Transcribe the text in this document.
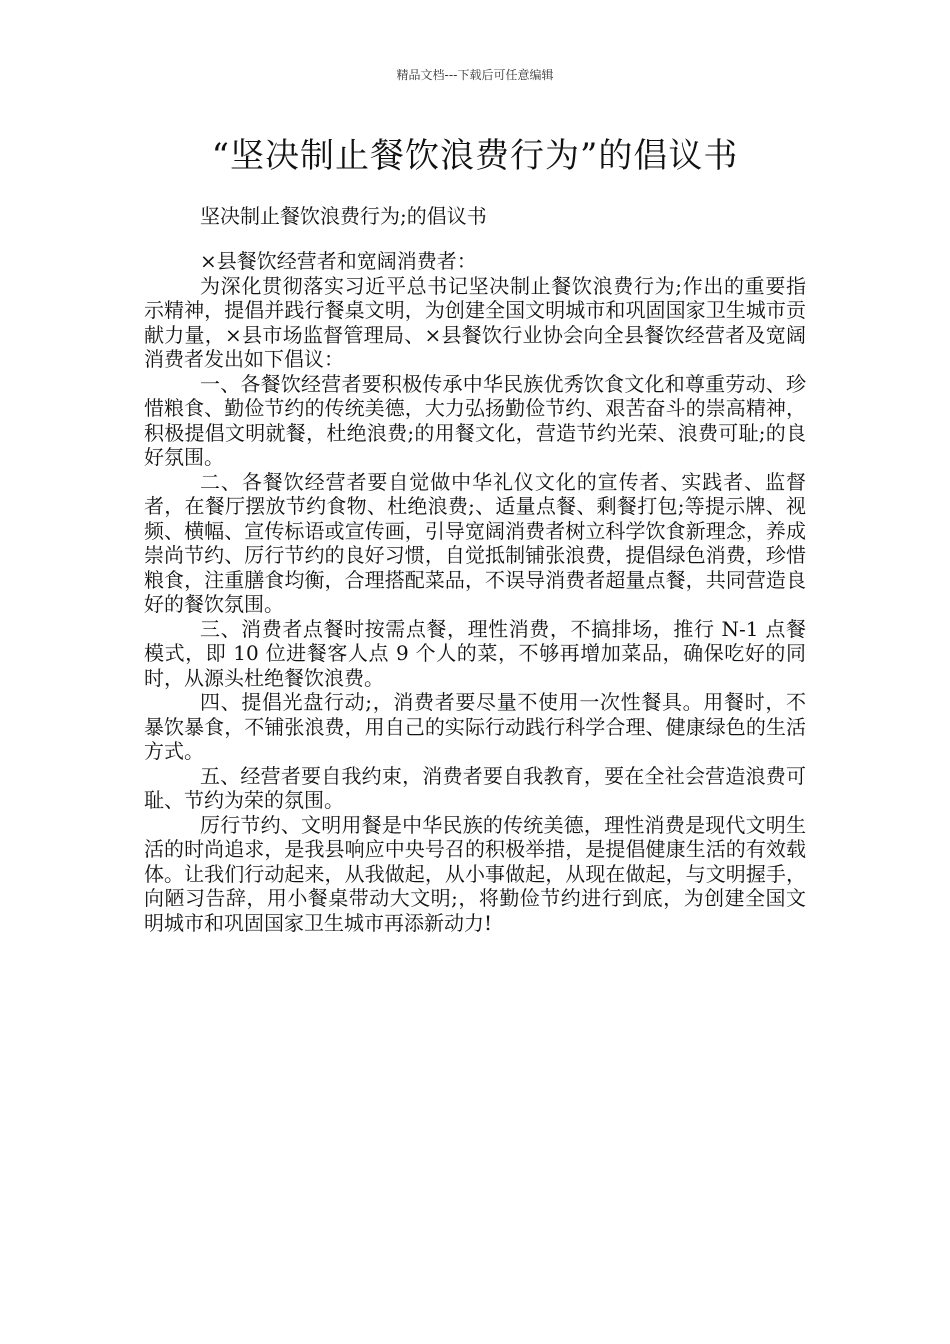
精品文档---下载后可任意编辑
“坚决制止餐饮浪费行为”的倡议书

坚决制止餐饮浪费行为;的倡议书

×县餐饮经营者和宽阔消费者：

为深化贯彻落实习近平总书记坚决制止餐饮浪费行为;作出的重要指示精神，提倡并践行餐桌文明，为创建全国文明城市和巩固国家卫生城市贡献力量，×县市场监督管理局、×县餐饮行业协会向全县餐饮经营者及宽阔消费者发出如下倡议：

一、各餐饮经营者要积极传承中华民族优秀饮食文化和尊重劳动、珍惜粮食、勤俭节约的传统美德，大力弘扬勤俭节约、艰苦奋斗的崇高精神，积极提倡文明就餐，杜绝浪费;的用餐文化，营造节约光荣、浪费可耻;的良好氛围。

二、各餐饮经营者要自觉做中华礼仪文化的宣传者、实践者、监督者，在餐厅摆放节约食物、杜绝浪费;、适量点餐、剩餐打包;等提示牌、视频、横幅、宣传标语或宣传画，引导宽阔消费者树立科学饮食新理念，养成崇尚节约、厉行节约的良好习惯，自觉抵制铺张浪费，提倡绿色消费，珍惜粮食，注重膳食均衡，合理搭配菜品，不误导消费者超量点餐，共同营造良好的餐饮氛围。

三、消费者点餐时按需点餐，理性消费，不搞排场，推行 N-1 点餐模式，即 10 位进餐客人点 9 个人的菜，不够再增加菜品，确保吃好的同时，从源头杜绝餐饮浪费。

四、提倡光盘行动;，消费者要尽量不使用一次性餐具。用餐时，不暴饮暴食，不铺张浪费，用自己的实际行动践行科学合理、健康绿色的生活方式。

五、经营者要自我约束，消费者要自我教育，要在全社会营造浪费可耻、节约为荣的氛围。

厉行节约、文明用餐是中华民族的传统美德，理性消费是现代文明生活的时尚追求，是我县响应中央号召的积极举措，是提倡健康生活的有效载体。让我们行动起来，从我做起，从小事做起，从现在做起，与文明握手，向陋习告辞，用小餐桌带动大文明;，将勤俭节约进行到底，为创建全国文明城市和巩固国家卫生城市再添新动力!
